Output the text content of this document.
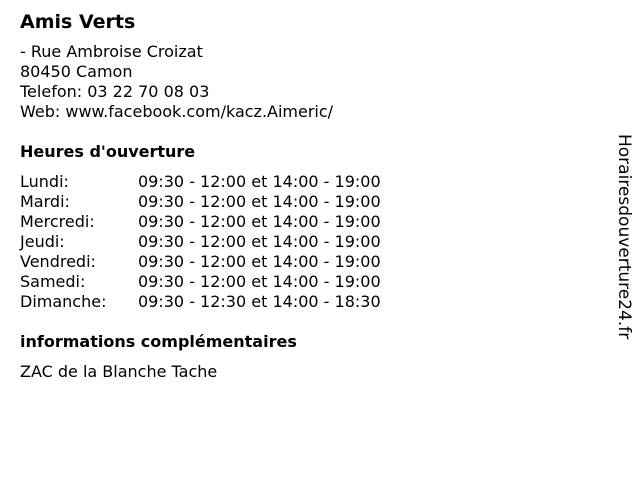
Amis Verts
- Rue Ambroise Croizat
80450 Camon
Telefon: 03 22 70 08 03
Web: www.facebook.com/kacz.Aimeric/
Heures d'ouverture
Lundi:	09:30 - 12:00 et 14:00 - 19:00
Mardi:	09:30 - 12:00 et 14:00 - 19:00
Mercredi:	09:30 - 12:00 et 14:00 - 19:00
Jeudi:	09:30 - 12:00 et 14:00 - 19:00
Vendredi:	09:30 - 12:00 et 14:00 - 19:00
Samedi:	09:30 - 12:00 et 14:00 - 19:00
Dimanche:	09:30 - 12:30 et 14:00 - 18:30
informations complémentaires
ZAC de la Blanche Tache
Horairesdouverture24.fr
